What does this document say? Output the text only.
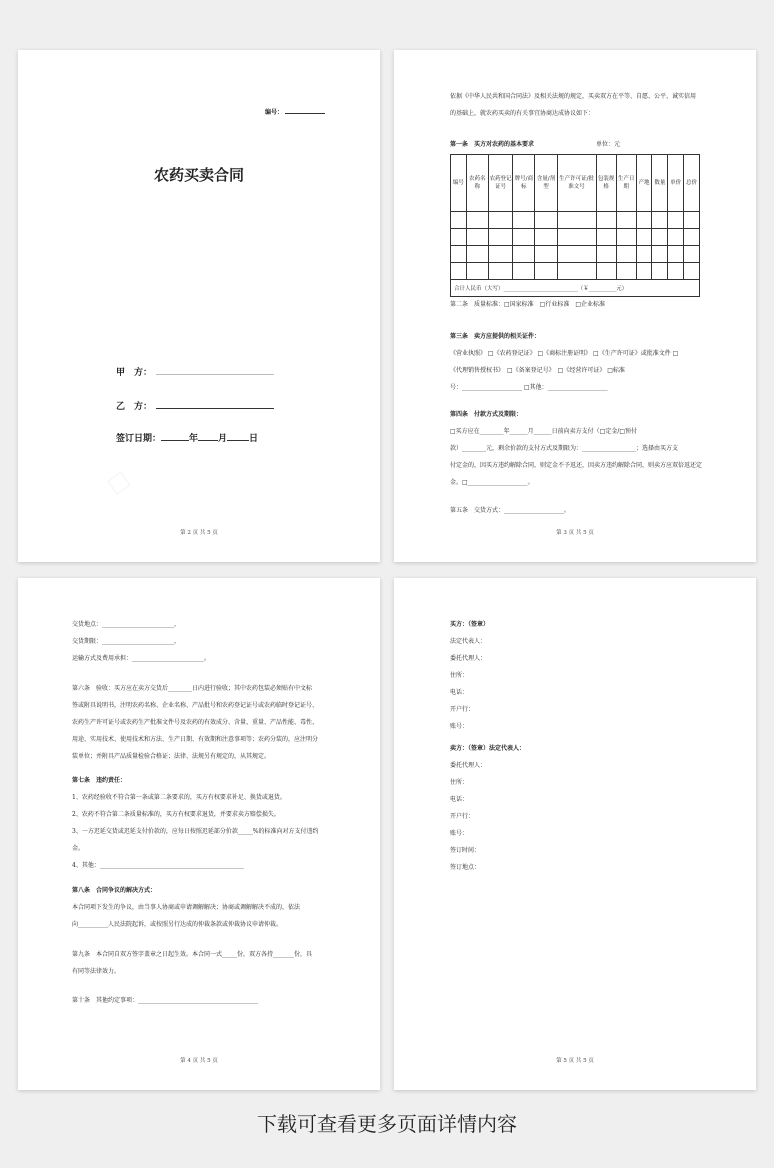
编号：
农药买卖合同
甲　方：
乙　方：
签订日期：	年 月 日
第 2 页 共 5 页
依据《中华人民共和国合同法》及相关法规的规定，买卖双方在平等、自愿、公平、诚实信用
的基础上，就农药买卖的有关事宜协商达成协议如下：
第一条　买方对农药的基本要求	单位：元
编号	农药名称	农药登记证号	牌号/商标	含量/剂型	生产许可证/批准文号	包装规格	生产日期	产地	数量	单价	总价

合计人民币（大写）___________________________（￥__________元）											
第二条　质量标准：□国家标准　□行业标准　□企业标准
第三条　卖方应提供的相关证件：
《营业执照》 □《农药登记证》 □《商标注册证明》 □《生产许可证》或批准文件 □
《代理销售授权书》　□《备案登记号》　□《经营许可证》 □标准
号：____________________ □其他：____________________
第四条　付款方式及期限：
□买方应在________年______月______日前向卖方支付（□定金/□预付
款）________元，剩余价款的支付方式及期限为：__________________；选择由买方支
付定金的，因买方违约解除合同，则定金不予返还，因卖方违约解除合同，则卖方应双倍返还定
金。□____________________。
第五条　交货方式：____________________。
第 3 页 共 5 页
交货地点：________________________，
交货期限：________________________，
运输方式及费用承担：________________________。
第六条　验收：买方应在卖方交货后________日内进行验收；其中农药包装必须贴有中文标
签或附具说明书，注明农药名称、企业名称、产品批号和农药登记证号或农药临时登记证号、
农药生产许可证号或农药生产批准文件号及农药的有效成分、含量、重量、产品性能、毒性、
用途、实用技术、使用技术和方法、生产日期、有效期和注意事项等；农药分装的，应注明分
装单位；并附具产品质量检验合格证；法律、法规另有规定的，从其规定。
第七条　违约责任：
1、农药经验收不符合第一条或第二条要求的，买方有权要求补足、换货或退货。
2、农药不符合第二条质量标准的，买方有权要求退货，并要求卖方赔偿损失。
3、一方迟延交货或迟延支付价款的，应每日按照迟延部分价款_____%的标准向对方支付违约
金。
4、其他：________________________________________________
第八条　合同争议的解决方式：
本合同项下发生的争议，由当事人协商或申请调解解决；协商或调解解决不成的，依法
向__________人民法院起诉，或按照另行达成的仲裁条款或仲裁协议申请仲裁。
第九条　本合同自双方签字盖章之日起生效。本合同一式_____份，双方各持_______份，具
有同等法律效力。
第十条　其他约定事项：________________________________________
第 4 页 共 5 页
买方：（签章）
法定代表人：
委托代理人：
住所：
电话：
开户行：
账号：
卖方：（签章）法定代表人：
委托代理人：
住所：
电话：
开户行：
账号：
签订时间：
签订地点：
第 5 页 共 5 页
下载可查看更多页面详情内容
